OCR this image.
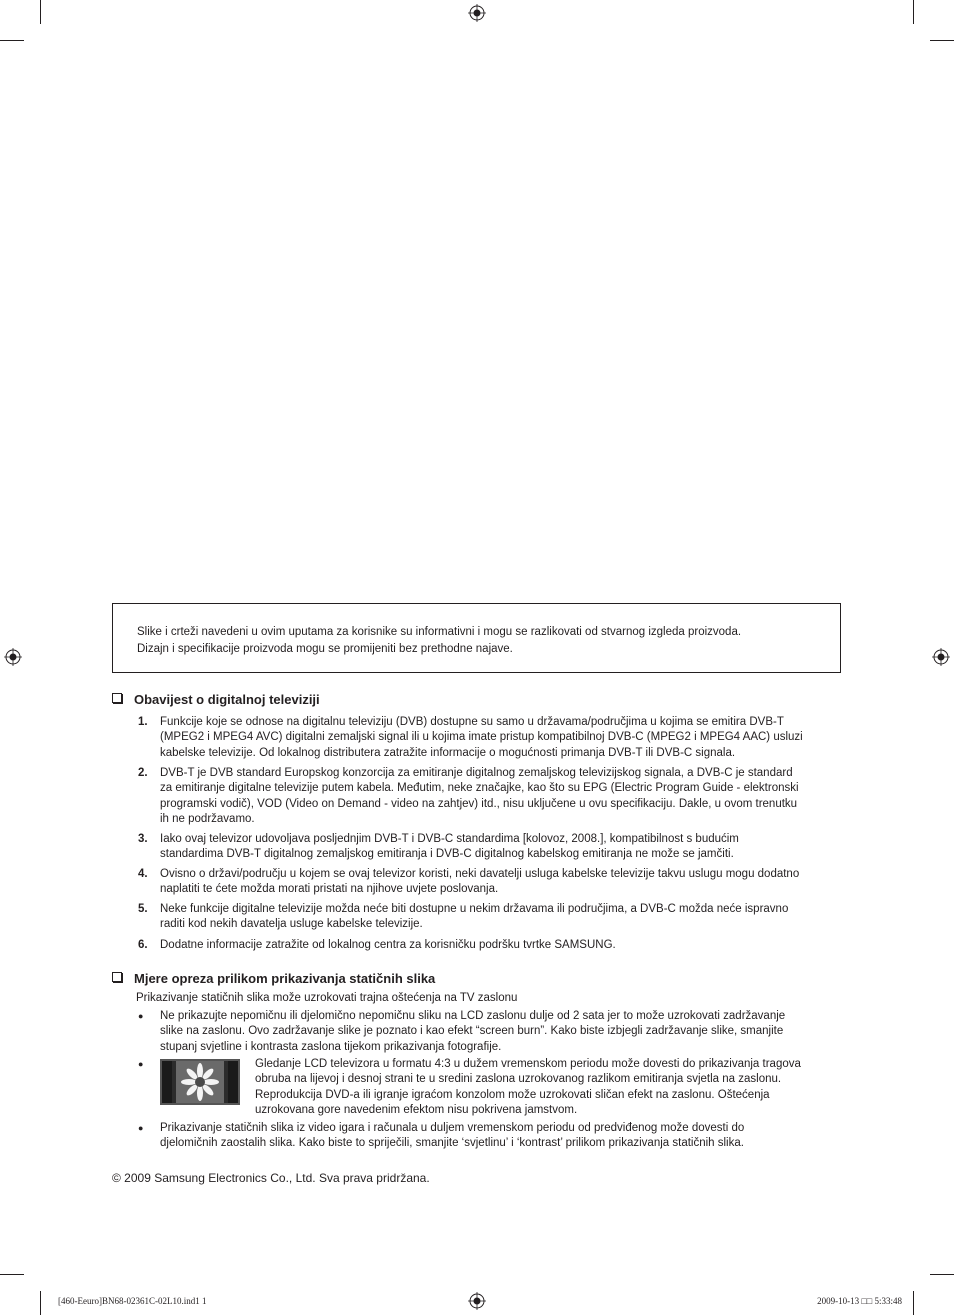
Slike i crteži navedeni u ovim uputama za korisnike su informativni i mogu se razlikovati od stvarnog izgleda proizvoda.

Dizajn i specifikacije proizvoda mogu se promijeniti bez prethodne najave.

Obavijest o digitalnoj televiziji
1. Funkcije koje se odnose na digitalnu televiziju (DVB) dostupne su samo u državama/područjima u kojima se emitira DVB-T
(MPEG2 i MPEG4 AVC) digitalni zemaljski signal ili u kojima imate pristup kompatibilnoj DVB-C (MPEG2 i MPEG4 AAC) usluzi
kabelske televizije. Od lokalnog distributera zatražite informacije o mogućnosti primanja DVB-T ili DVB-C signala.
2. DVB-T je DVB standard Europskog konzorcija za emitiranje digitalnog zemaljskog televizijskog signala, a DVB-C je standard
za emitiranje digitalne televizije putem kabela. Međutim, neke značajke, kao što su EPG (Electric Program Guide - elektronski
programski vodič), VOD (Video on Demand - video na zahtjev) itd., nisu uključene u ovu specifikaciju. Dakle, u ovom trenutku
ih ne podržavamo.
3. Iako ovaj televizor udovoljava posljednjim DVB-T i DVB-C standardima [kolovoz, 2008.], kompatibilnost s budućim
standardima DVB-T digitalnog zemaljskog emitiranja i DVB-C digitalnog kabelskog emitiranja ne može se jamčiti.
4. Ovisno o državi/području u kojem se ovaj televizor koristi, neki davatelji usluga kabelske televizije takvu uslugu mogu dodatno
naplatiti te ćete možda morati pristati na njihove uvjete poslovanja.
5. Neke funkcije digitalne televizije možda neće biti dostupne u nekim državama ili područjima, a DVB-C možda neće ispravno
raditi kod nekih davatelja usluge kabelske televizije.
6. Dodatne informacije zatražite od lokalnog centra za korisničku podršku tvrtke SAMSUNG.
Mjere opreza prilikom prikazivanja statičnih slika
Prikazivanje statičnih slika može uzrokovati trajna oštećenja na TV zaslonu
● Ne prikazujte nepomičnu ili djelomično nepomičnu sliku na LCD zaslonu dulje od 2 sata jer to može uzrokovati zadržavanje
slike na zaslonu. Ovo zadržavanje slike je poznato i kao efekt “screen burn”. Kako biste izbjegli zadržavanje slike, smanjite
stupanj svjetline i kontrasta zaslona tijekom prikazivanja fotografije.
●	Gledanje LCD televizora u formatu 4:3 u dužem vremenskom periodu može dovesti do prikazivanja tragova
obruba na lijevoj i desnoj strani te u sredini zaslona uzrokovanog razlikom emitiranja svjetla na zaslonu.
Reprodukcija DVD-a ili igranje igraćom konzolom može uzrokovati sličan efekt na zaslonu. Oštećenja
uzrokovana gore navedenim efektom nisu pokrivena jamstvom.
● Prikazivanje statičnih slika iz video igara i računala u duljem vremenskom periodu od predviđenog može dovesti do
djelomičnih zaostalih slika. Kako biste to spriječili, smanjite ‘svjetlinu’ i ‘kontrast’ prilikom prikazivanja statičnih slika.
© 2009 Samsung Electronics Co., Ltd. Sva prava pridržana.
[460-Eeuro]BN68-02361C-02L10.ind1 1	2009-10-13 □□ 5:33:48
